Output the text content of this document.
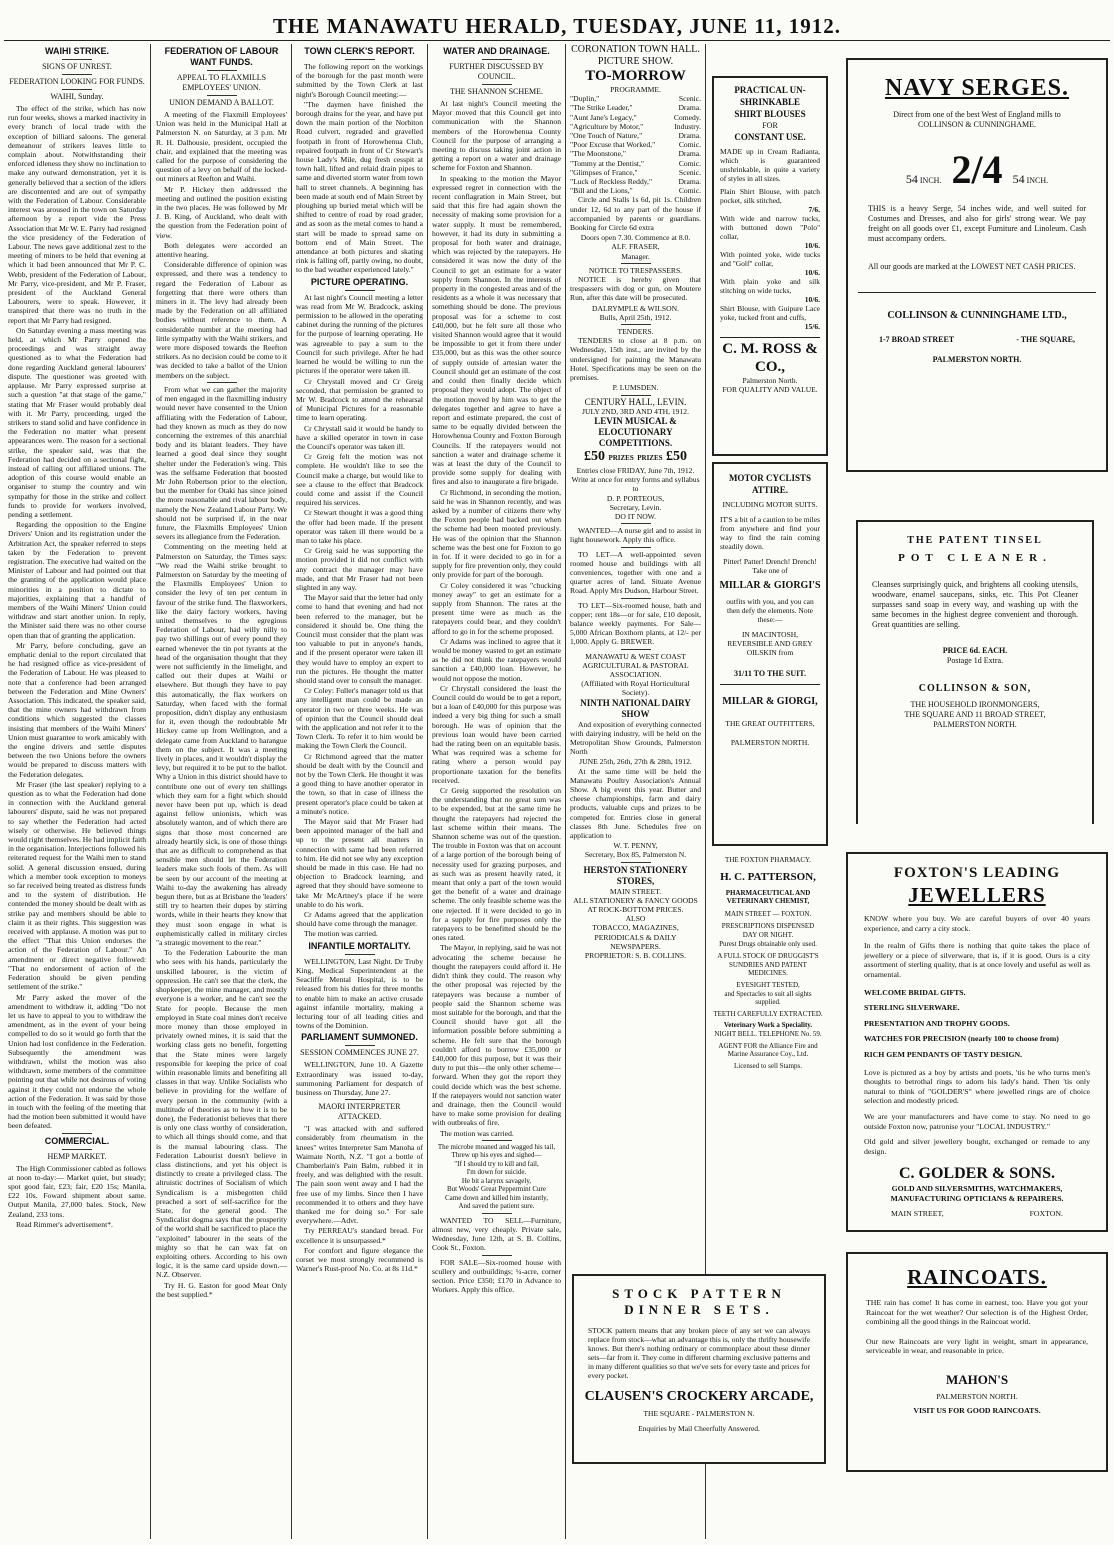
THE MANAWATU HERALD, TUESDAY, JUNE 11, 1912.
WAIHI STRIKE.
SIGNS OF UNREST.
FEDERATION LOOKING FOR FUNDS.
WAIHI, Sunday.

The effect of the strike, which has now run four weeks, shows a marked inactivity in every branch of local trade with the exception of billiard saloons. The general demeanour of strikers leaves little to complain about. Notwithstanding their enforced idleness they show no inclination to make any outward demonstration, yet it is generally believed that a section of the idlers are discontented and are out of sympathy with the Federation of Labour. Considerable interest was aroused in the town on Saturday afternoon by a report vide the Press Association that Mr W. E. Parry had resigned the vice presidency of the Federation of Labour. The news gave additional zest to the meeting of miners to be held that evening at which it had been announced that Mr P. C. Webb, president of the Federation of Labour, Mr Parry, vice-president, and Mr P. Fraser, president of the Auckland General Labourers, were to speak. However, it transpired that there was no truth in the report that Mr Parry had resigned.

On Saturday evening a mass meeting was held, at which Mr Parry opened the proceedings and was straight away questioned as to what the Federation had done regarding Auckland general labourers' dispute. The questioner was greeted with applause. Mr Parry expressed surprise at such a question "at that stage of the game," stating that Mr Fraser would probably deal with it. Mr Parry, proceeding, urged the strikers to stand solid and have confidence in the Federation no matter what present appearances were. The reason for a sectional strike, the speaker said, was that the Federation had decided on a sectional fight, instead of calling out affiliated unions. The adoption of this course would enable an organiser to stump the country and win sympathy for those in the strike and collect funds to provide for workers involved, pending a settlement.

Regarding the opposition to the Engine Drivers' Union and its registration under the Arbitration Act, the speaker referred to steps taken by the Federation to prevent registration. The executive had waited on the Minister of Labour and had pointed out that the granting of the application would place minorities in a position to dictate to majorities, explaining that a handful of members of the Waihi Miners' Union could withdraw and start another union. In reply, the Minister said there was no other course open than that of granting the application.

Mr Parry, before concluding, gave an emphatic denial to the report circulated that he had resigned office as vice-president of the Federation of Labour. He was pleased to note that a conference had been arranged between the Federation and Mine Owners' Association. This indicated, the speaker said, that the mine owners had withdrawn from conditions which suggested the classes insisting that members of the Waihi Miners' Union must guarantee to work amicably with the engine drivers and settle disputes between the two Unions before the owners would be prepared to discuss matters with the Federation delegates.

Mr Fraser (the last speaker) replying to a question as to what the Federation had done in connection with the Auckland general labourers' dispute, said he was not prepared to say whether the Federation had acted wisely or otherwise. He believed things would right themselves. He had implicit faith in the organisation. Interjections followed his reiterated request for the Waihi men to stand solid. A general discussion ensued, during which a member took exception to moneys so far received being treated as distress funds and to the system of distribution. He contended the money should be dealt with as strike pay and members should be able to claim it as their rights. This suggestion was received with applause. A motion was put to the effect "That this Union endorses the action of the Federation of Labour." An amendment or direct negative followed: "That no endorsement of action of the Federation should be given pending settlement of the strike."

Mr Parry asked the mover of the amendment to withdraw it, adding "Do not let us have to appeal to you to withdraw the amendment, as in the event of your being compelled to do so it would go forth that the Union had lost confidence in the Federation. Subsequently the amendment was withdrawn, whilst the motion was also withdrawn, some members of the committee pointing out that while not desirous of voting against it they could not endorse the whole action of the Federation. It was said by those in touch with the feeling of the meeting that had the motion been submitted it would have been defeated.

COMMERCIAL.
HEMP MARKET.

The High Commissioner cabled as follows at noon to-day:— Market quiet, but steady; spot good fair, £23; fair, £20 15s; Manila, £22 10s. Foward shipment about same. Output Manila, 27,000 bales. Stock, New Zealand, 233 tons.

Read Rimmer's advertisement*.

FEDERATION OF LABOUR WANT FUNDS.
APPEAL TO FLAXMILLS EMPLOYEES' UNION.
UNION DEMAND A BALLOT.

A meeting of the Flaxmill Employees' Union was held in the Municipal Hall at Palmerston N. on Saturday, at 3 p.m. Mr R. H. Dalhousie, president, occupied the chair, and explained that the meeting was called for the purpose of considering the question of a levy on behalf of the locked-out miners at Reefton and Waihi.

Mr P. Hickey then addressed the meeting and outlined the position existing in the two places. He was followed by Mr J. B. King, of Auckland, who dealt with the question from the Federation point of view.

Both delegates were accorded an attentive hearing.

Considerable difference of opinion was expressed, and there was a tendency to regard the Federation of Labour as forgetting that there were others than miners in it. The levy had already been made by the Federation on all affiliated bodies without reference to them. A considerable number at the meeting had little sympathy with the Waihi strikers, and were more disposed towards the Reefton strikers. As no decision could be come to it was decided to take a ballot of the Union members on the subject.

From what we can gather the majority of men engaged in the flaxmilling industry would never have consented to the Union affiliating with the Federation of Labour, had they known as much as they do now concerning the extremes of this anarchial body and its blatant leaders. They have learned a good deal since they sought shelter under the Federation's wing. This was the selfsame Federation that boosted Mr John Robertson prior to the election, but the member for Otaki has since joined the more reasonable and rival labour body, namely the New Zealand Labour Party. We should not be surprised if, in the near future, the Flaxmills Employees' Union severs its allegiance from the Federation.

Commenting on the meeting held at Palmerston on Saturday, the Times says: "We read the Waihi strike brought to Palmerston on Saturday by the meeting of the Flaxmills Employees' Union to consider the levy of ten per centum in favour of the strike fund. The flaxworkers, like the dairy factory workers, having united themselves to the egregious Federation of Labour, had willy nilly to pay two shillings out of every pound they earned whenever the tin pot tyrants at the head of the organisation thought that they were not sufficiently in the limelight, and called out their dupes at Waihi or elsewhere. But though they have to pay this automatically, the flax workers on Saturday, when faced with the formal proposition, didn't display any enthusiasm for it, even though the redoubtable Mr Hickey came up from Wellington, and a delegate came from Auckland to harangue them on the subject. It was a meeting lively in places, and it wouldn't display the levy, but required it to be put to the ballot. Why a Union in this district should have to contribute one out of every ten shillings which they earn for a fight which should never have been put up, which is dead against fellow unionists, which was absolutely wanton, and of which there are signs that those most concerned are already heartily sick, is one of those things that are as difficult to comprehend as that sensible men should let the Federation leaders make such fools of them. As will be seen by our account of the meeting at Waihi to-day the awakening has already begun there, but as at Brisbane the 'leaders' still try to hearten their dupes by stirring words, while in their hearts they know that they must soon engage in what is euphemistically called in military circles "a strategic movement to the rear."

To the Federation Labourite the man who sees with his hands, particularly the unskilled labourer, is the victim of oppression. He can't see that the clerk, the shopkeeper, the mine manager, and mostly everyone is a worker, and he can't see the State for people. Because the men employed in State coal mines don't receive more money than those employed in privately owned mines, it is said that the working class gets no benefit, forgetting that the State mines were largely responsible for keeping the price of coal within reasonable limits and benefiting all classes in that way. Unlike Socialists who believe in providing for the welfare of every person in the community (with a multitude of theories as to how it is to be done), the Federationist believes that there is only one class worthy of consideration, to which all things should come, and that is the manual labouring class. The Federation Labourist doesn't believe in class distinctions, and yet his object is distinctly to create a privileged class. The altruistic doctrines of Socialism of which Syndicalism is a misbegotten child preached a sort of self-sacrifice for the State, for the general good. The Syndicalist dogma says that the prosperity of the world shall be sacrificed to place the "exploited" labourer in the seats of the mighty so that he can wax fat on exploiting others. According to his own logic, it is the same card upside down.—N.Z. Observer.

Try H. G. Easton for good Meat Only the best supplied.*

TOWN CLERK'S REPORT.

The following report on the workings of the borough for the past month were submitted by the Town Clerk at last night's Borough Council meeting:—

"The daymen have finished the borough drains for the year, and have put down the main portion of the Norbiton Road culvert, regraded and gravelled footpath in front of Horowhenua Club, repaired footpath in front of Cr Stewart's house Lady's Mile, dug fresh cesspit at town hall, lifted and relaid drain pipes to same and diverted storm water from town hall to street channels. A beginning has been made at south end of Main Street by ploughing up buried metal which will be shifted to centre of road by road grader, and as soon as the metal comes to hand a start will be made to spread same on bottom end of Main Street. The attendance at both pictures and skating rink is falling off, partly owing, no doubt, to the bad weather experienced lately."

PICTURE OPERATING.

At last night's Council meeting a letter was read from Mr W. Bradcock, asking permission to be allowed in the operating cabinet during the running of the pictures for the purpose of learning operating. He was agreeable to pay a sum to the Council for such privilege. After he had learned he would be willing to run the pictures if the operator were taken ill.

Cr Chrystall moved and Cr Greig seconded, that permission be granted to Mr W. Bradcock to attend the rehearsal of Municipal Pictures for a reasonable time to learn operating.

Cr Chrystall said it would be handy to have a skilled operator in town in case the Council's operator was taken ill.

Cr Greig felt the motion was not complete. He wouldn't like to see the Council make a charge, but would like to see a clause to the effect that Bradcock could come and assist if the Council required his services.

Cr Stewart thought it was a good thing the offer had been made. If the present operator was taken ill there would be a man to take his place.

Cr Greig said he was supporting the motion provided it did not conflict with any contract the manager may have made, and that Mr Fraser had not been slighted in any way.

The Mayor said that the letter had only come to hand that evening and had not been referred to the manager, but he considered it should be. One thing the Council must consider that the plant was too valuable to put in anyone's hands, and if the present operator were taken ill they would have to employ an expert to run the pictures. He thought the matter should stand over to consult the manager.

Cr Coley: Fuller's manager told us that any intelligent man could be made an operator in two or three weeks. He was of opinion that the Council should deal with the application and not refer it to the Town Clerk. To refer it to him would be making the Town Clerk the Council.

Cr Richmond agreed that the matter should be dealt with by the Council and not by the Town Clerk. He thought it was a good thing to have another operator in the town, so that in case of illness the present operator's place could be taken at a minute's notice.

The Mayor said that Mr Fraser had been appointed manager of the hall and up to the present all matters in connection with same had been referred to him. He did not see why any exception should be made in this case. He had no objection to Bradcock learning, and agreed that they should have someone to take Mr McArtney's place if he were unable to do his work.

Cr Adams agreed that the application should have come through the manager.

The motion was carried.

INFANTILE MORTALITY.

WELLINGTON, Last Night. Dr Truby King, Medical Superintendent at the Seacliffe Mental Hospital, is to be released from his duties for three months to enable him to make an active crusade against infantile mortality, making a lecturing tour of all leading cities and towns of the Dominion.

PARLIAMENT SUMMONED.
SESSION COMMENCES JUNE 27.

WELLINGTON, June 10. A Gazette Extraordinary was issued to-day, summoning Parliament for despatch of business on Thursday, June 27.

MAORI INTERPRETER ATTACKED.

"I was attacked with and suffered considerably from rheumatism in the knees" writes Interpreter Sam Manoha of Waimate North, N.Z. "I got a bottle of Chamberlain's Pain Balm, rubbed it in freely, and was delighted with the result. The pain soon went away and I had the free use of my limbs. Since then I have recommended it to others and they have thanked me for doing so." For sale everywhere.—Advt.

Try PERREAU's standard bread. For excellence it is unsurpassed.*

For comfort and figure elegance the corset we most strongly recommend is Warner's Rust-proof No. Co. at 8s 11d.*

WATER AND DRAINAGE.
FURTHER DISCUSSED BY COUNCIL.
THE SHANNON SCHEME.

At last night's Council meeting the Mayor moved that this Council get into communication with the Shannon members of the Horowhenua County Council for the purpose of arranging a meeting to discuss taking joint action in getting a report on a water and drainage scheme for Foxton and Shannon.

In speaking to the motion the Mayor expressed regret in connection with the recent conflagration in Main Street, but said that this fire had again shown the necessity of making some provision for a water supply. It must be remembered, however, it had its duty in submitting a proposal for both water and drainage, which was rejected by the ratepayers. He considered it was now the duty of the Council to get an estimate for a water supply from Shannon. In the interests of property in the congested areas and of the residents as a whole it was necessary that something should be done. The previous proposal was for a scheme to cost £40,000, but he felt sure all those who visited Shannon would agree that it would be impossible to get it from there under £35,000, but as this was the other source of supply outside of artesian water the Council should get an estimate of the cost and could then finally decide which proposal they would adopt. The object of the motion moved by him was to get the delegates together and agree to have a report and estimate prepared, the cost of same to be equally divided between the Horowhenua County and Foxton Borough Councils. If the ratepayers would not sanction a water and drainage scheme it was at least the duty of the Council to provide some supply for dealing with fires and also to inaugurate a fire brigade.

Cr Richmond, in seconding the motion, said he was in Shannon recently, and was asked by a number of citizens there why the Foxton people had backed out when the scheme had been mooted previously. He was of the opinion that the Shannon scheme was the best one for Foxton to go in for. If it were decided to go in for a supply for fire prevention only, they could only provide for part of the borough.

Cr Coley considered it was "chucking money away" to get an estimate for a supply from Shannon. The rates at the present time were as much as the ratepayers could bear, and they couldn't afford to go in for the scheme proposed.

Cr Adams was inclined to agree that it would be money wasted to get an estimate as he did not think the ratepayers would sanction a £40,000 loan. However, he would not oppose the motion.

Cr Chrystall considered the least the Council could do would be to get a report, but a loan of £40,000 for this purpose was indeed a very big thing for such a small borough. He was of opinion that the previous loan would have been carried had the rating been on an equitable basis. What was required was a scheme for rating where a person would pay proportionate taxation for the benefits received.

Cr Greig supported the resolution on the understanding that no great sum was to be expended, but at the same time he thought the ratepayers had rejected the last scheme within their means. The Shannon scheme was out of the question. The trouble in Foxton was that on account of a large portion of the borough being of necessity used for grazing purposes, and as such was as present heavily rated, it meant that only a part of the town would get the benefit of a water and drainage scheme. The only feasible scheme was the one rejected. If it were decided to go in for a supply for fire purposes only the ratepayers to be benefitted should be the ones rated.

The Mayor, in replying, said he was not advocating the scheme because he thought the ratepayers could afford it. He didn't think they could. The reason why the other proposal was rejected by the ratepayers was because a number of people said the Shannon scheme was most suitable for the borough, and that the Council should have got all the information possible before submitting a scheme. He felt sure that the borough couldn't afford to borrow £35,000 or £40,000 for this purpose, but it was their duty to put this—the only other scheme—forward. When they got the report they could decide which was the best scheme. If the ratepayers would not sanction water and drainage, then the Council would have to make some provision for dealing with outbreaks of fire.

The motion was carried.

The microbe moaned and wagged his tail,
Threw up his eyes and sighed—
"If I should try to kill and fail,
I'm down for suicide.
He bit a larynx savagely,
But Woods' Great Peppermint Cure
Came down and killed him instantly,
And saved the patient sure.

WANTED TO SELL—Furniture, almost new, very cheaply. Private sale, Wednesday, June 12th, at S. B. Collins, Cook St., Foxton.

FOR SALE—Six-roomed house with scullery and outbuildings; ¼-acre, corner section. Price £350; £170 in Advance to Workers. Apply this office.

CORONATION TOWN HALL.
PICTURE SHOW.
TO-MORROW
PROGRAMME.
"Duplin,"	Scenic.
"The Strike Leader,"	Drama.
"Aunt Jane's Legacy,"	Comedy.
"Agriculture by Motor,"	Industry.
"One Touch of Nature,"	Drama.
"Poor Excuse that Worked,"	Comic.
"The Moonstone,"	Drama.
"Tommy at the Dentist,"	Comic.
"Glimpses of France,"	Scenic.
"Luck of Reckless Reddy,"	Drama.
"Bill and the Lions,"	Comic.

Circle and Stalls 1s 6d, pit 1s. Children under 12, 6d to any part of the house if accompanied by parents or guardians. Booking for Circle 6d extra

Doors open 7.30. Commence at 8.0.
ALF. FRASER,
Manager.
NOTICE TO TRESPASSERS.

NOTICE is hereby given that trespassers with dog or gun, on Moutere Run, after this date will be prosecuted.

DALRYMPLE & WILSON.
Bulls, April 25th, 1912.
TENDERS.

TENDERS to close at 8 p.m. on Wednesday, 15th inst., are invited by the undersigned for painting the Manawatu Hotel. Specifications may be seen on the premises.

P. LUMSDEN.
CENTURY HALL, LEVIN.
JULY 2ND, 3RD AND 4TH, 1912.
LEVIN MUSICAL & ELOCUTIONARY COMPETITIONS.
£50 PRIZES PRIZES £50
Entries close FRIDAY, June 7th, 1912.
Write at once for entry forms and syllabus to
D. P. PORTEOUS,
Secretary, Levin.
DO IT NOW.

WANTED—A nurse girl and to assist in light housework. Apply this office.

TO LET—A well-appointed seven roomed house and buildings with all conveniences, together with one and a quarter acres of land. Situate Avenue Road. Apply Mrs Dudson, Harbour Street.

TO LET—Six-roomed house, bath and copper; rent 18s—or for sale, £10 deposit, balance weekly payments. For Sale—5,000 African Boxthorn plants, at 12/- per 1,000. Apply G. BREWER.

MANAWATU & WEST COAST AGRICULTURAL & PASTORAL ASSOCIATION.
(Affiliated with Royal Horticultural Society).
NINTH NATIONAL DAIRY SHOW

And exposition of everything connected with dairying industry, will be held on the Metropolitan Show Grounds, Palmerston North

JUNE 25th, 26th, 27th & 28th, 1912.

At the same time will be held the Manawatu Poultry Association's Annual Show. A big event this year. Butter and cheese championships, farm and dairy products, valuable cups and prizes to be competed for. Entries close in general classes 8th June. Schedules free on application to

W. T. PENNY,
Secretary, Box 85, Palmerston N.
HERSTON STATIONERY STORES,
MAIN STREET.
ALL STATIONERY & FANCY GOODS AT ROCK-BOTTOM PRICES.
ALSO
TOBACCO, MAGAZINES, PERIODICALS & DAILY NEWSPAPERS.
PROPRIETOR: S. B. COLLINS.
PRACTICAL UN-
SHRINKABLE
SHIRT BLOUSES
FOR
CONSTANT USE.
MADE up in Cream Radianta, which is guaranteed unshrinkable, in quite a variety of styles in all sizes.
Plain Shirt Blouse, with patch pocket, silk stitched,
7/6.
With wide and narrow tucks, with buttoned down "Polo" collar,
10/6.
With pointed yoke, wide tucks and "Golf" collar,
10/6.
With plain yoke and silk stitching on wide tucks,
10/6.
Shirt Blouse, with Guipure Lace yoke, tucked front and cuffs,
15/6.
C. M. ROSS & CO.,
Palmerston North.
FOR QUALITY AND VALUE.
MOTOR CYCLISTS
ATTIRE.
INCLUDING MOTOR SUITS.
IT'S a bit of a caution to be miles from anywhere and find your way to find the rain coming steadily down.
Pitter! Patter! Drench! Drench! Take one of
MILLAR & GIORGI'S
outfits with you, and you can then defy the elements. Note these:—
IN MACINTOSH, REVERSIBLE AND GREY OILSKIN from
31/11 TO THE SUIT.
MILLAR & GIORGI,
THE GREAT OUTFITTERS,
PALMERSTON NORTH.
THE FOXTON PHARMACY.
H. C. PATTERSON,
PHARMACEUTICAL AND VETERINARY CHEMIST,
MAIN STREET — FOXTON.
PRESCRIPTIONS DISPENSED
DAY OR NIGHT.
Purest Drugs obtainable only used.
A FULL STOCK OF DRUGGIST'S SUNDRIES AND PATENT MEDICINES.
EYESIGHT TESTED,
and Spectacles to suit all sights supplied.
TEETH CAREFULLY EXTRACTED.
Veterinary Work a Speciality.
NIGHT BELL. TELEPHONE No. 59.
AGENT FOR the Alliance Fire and Marine Assurance Coy., Ltd.
Licensed to sell Stamps.
STOCK PATTERN
DINNER SETS.
STOCK pattern means that any broken piece of any set we can always replace from stock—what an advantage this is, only the thrifty housewife knows. But there's nothing ordinary or commonplace about these dinner sets—far from it. They come in different charming exclusive patterns and in many different qualities so that we've sets for every taste and prices for every pocket.
CLAUSEN'S CROCKERY ARCADE,
THE SQUARE - PALMERSTON N.
Enquiries by Mail Cheerfully Answered.
NAVY SERGES.
Direct from one of the best West of England mills to COLLINSON & CUNNINGHAME.
54 INCH. 2/4 54 INCH.
THIS is a heavy Serge, 54 inches wide, and well suited for Costumes and Dresses, and also for girls' strong wear. We pay freight on all goods over £1, except Furniture and Linoleum. Cash must accompany orders.
All our goods are marked at the LOWEST NET CASH PRICES.
COLLINSON & CUNNINGHAME LTD.,
1-7 BROAD STREET	- THE SQUARE,
PALMERSTON NORTH.
THE PATENT TINSEL
POT CLEANER.
Cleanses surprisingly quick, and brightens all cooking utensils, woodware, enamel saucepans, sinks, etc. This Pot Cleaner surpasses sand soap in every way, and washing up with the same becomes in the highest degree convenient and thorough. Great quantities are selling.
PRICE 6d. EACH.
Postage 1d Extra.
COLLINSON & SON,
THE HOUSEHOLD IRONMONGERS,
THE SQUARE AND 11 BROAD STREET,
PALMERSTON NORTH.
FOXTON'S LEADING
JEWELLERS
KNOW where you buy. We are careful buyers of over 40 years experience, and carry a city stock.
In the realm of Gifts there is nothing that quite takes the place of jewellery or a piece of silverware, that is, if it is good. Ours is a city assortment of sterling quality, that is at once lovely and useful as well as ornamental.
WELCOME BRIDAL GIFTS.
STERLING SILVERWARE.
PRESENTATION AND TROPHY GOODS.
WATCHES FOR PRECISION (nearly 100 to choose from)
RICH GEM PENDANTS OF TASTY DESIGN.
Love is pictured as a boy by artists and poets, 'tis he who turns men's thoughts to betrothal rings to adorn his lady's hand. Then 'tis only natural to think of "GOLDER'S" where jewelled rings are of choice selection and modestly priced.
We are your manufacturers and have come to stay. No need to go outside Foxton now, patronise your "LOCAL INDUSTRY."
Old gold and silver jewellery bought, exchanged or remade to any design.
C. GOLDER & SONS.
GOLD AND SILVERSMITHS, WATCHMAKERS, MANUFACTURING OPTICIANS & REPAIRERS.
MAIN STREET,	FOXTON.
RAINCOATS.
THE rain has come! It has come in earnest, too. Have you got your Raincoat for the wet weather? Our selection is of the Highest Order, combining all the good things in the Raincoat world.
Our new Raincoats are very light in weight, smart in appearance, serviceable in wear, and reasonable in price.
MAHON'S
PALMERSTON NORTH.
VISIT US FOR GOOD RAINCOATS.
